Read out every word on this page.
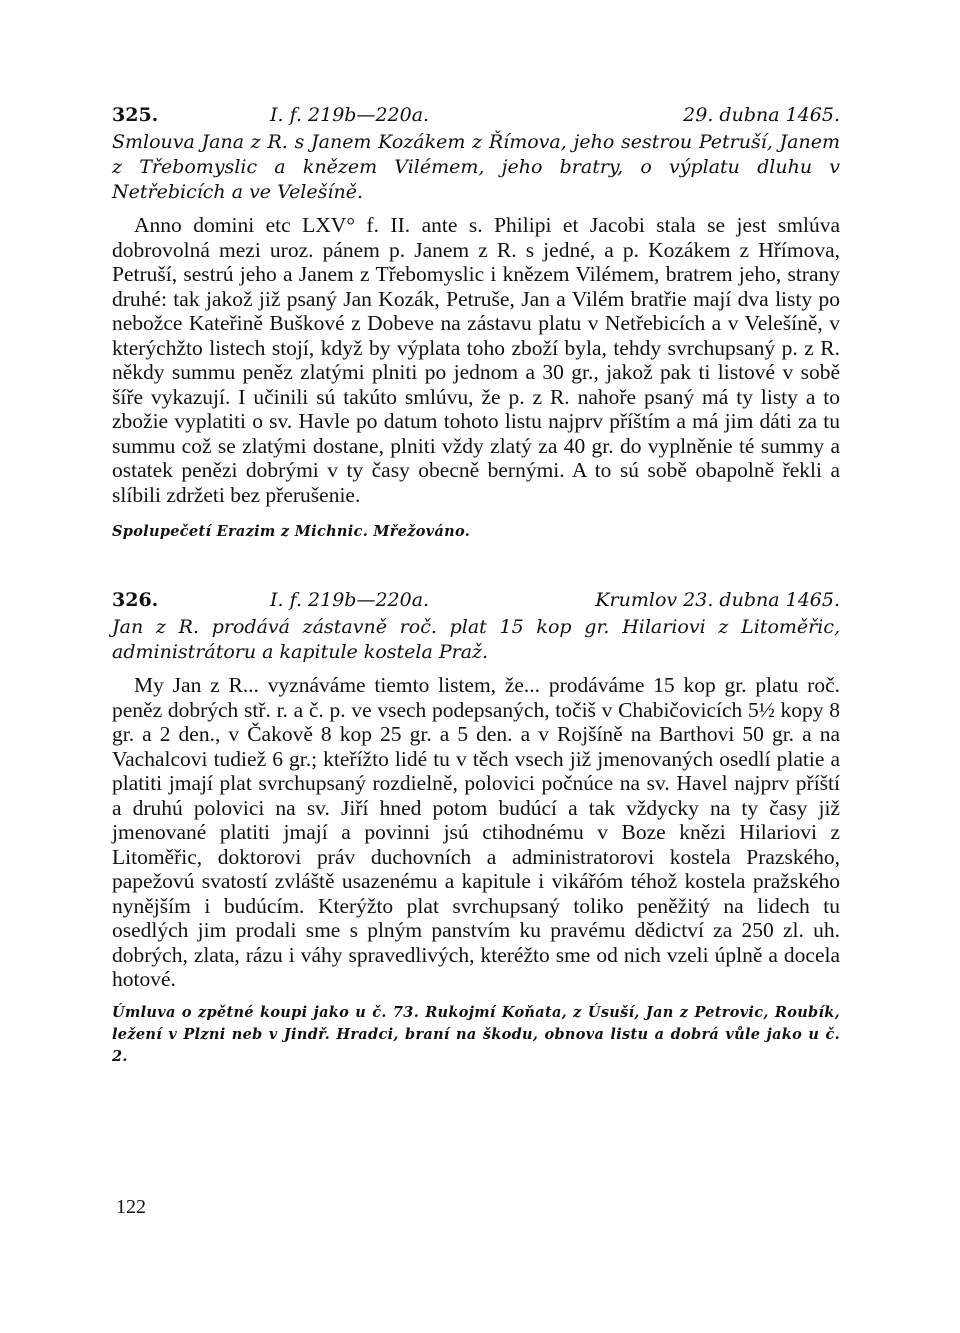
325.	I. f. 219b—220a.	29. dubna 1465.
Smlouva Jana z R. s Janem Kozákem z Římova, jeho sestrou Petruší, Janem z Třebomyslic a knězem Vilémem, jeho bratry, o výplatu dluhu v Netřebicích a ve Velešíně.
Anno domini etc LXV° f. II. ante s. Philipi et Jacobi stala se jest smlúva dobrovolná mezi uroz. pánem p. Janem z R. s jedné, a p. Kozákem z Hřímova, Petruší, sestrú jeho a Janem z Třebomyslic i knězem Vilémem, bratrem jeho, strany druhé: tak jakož již psaný Jan Kozák, Petruše, Jan a Vilém bratřie mají dva listy po nebožce Kateřině Buškové z Dobeve na zástavu platu v Netřebicích a v Velešíně, v kterýchžto listech stojí, když by výplata toho zboží byla, tehdy svrchupsaný p. z R. někdy summu peněz zlatými plniti po jednom a 30 gr., jakož pak ti listové v sobě šíře vykazují. I učinili sú takúto smlúvu, že p. z R. nahoře psaný má ty listy a to zbožie vyplatiti o sv. Havle po datum tohoto listu najprv příštím a má jim dáti za tu summu což se zlatými dostane, plniti vždy zlatý za 40 gr. do vyplněnie té summy a ostatek penězi dobrými v ty časy obecně bernými. A to sú sobě obapolně řekli a slíbili zdržeti bez přerušenie.
Spolupečetí Erazim z Michnic. Mřežováno.
326.	I. f. 219b—220a.	Krumlov 23. dubna 1465.
Jan z R. prodává zástavně roč. plat 15 kop gr. Hilariovi z Litoměřic, administrátoru a kapitule kostela Praž.
My Jan z R... vyznáváme tiemto listem, že... prodáváme 15 kop gr. platu roč. peněz dobrých stř. r. a č. p. ve vsech podepsaných, točiš v Chabičovicích 5½ kopy 8 gr. a 2 den., v Čakově 8 kop 25 gr. a 5 den. a v Rojšíně na Barthovi 50 gr. a na Vachalcovi tudiež 6 gr.; kteřížto lidé tu v těch vsech již jmenovaných osedlí platie a platiti jmají plat svrchupsaný rozdielně, polovici počnúce na sv. Havel najprv příští a druhú polovici na sv. Jiří hned potom budúcí a tak vždycky na ty časy již jmenované platiti jmají a povinni jsú ctihodnému v Boze knězi Hilariovi z Litoměřic, doktorovi práv duchovních a administratorovi kostela Prazského, papežovú svatostí zvláště usazenému a kapitule i vikářóm téhož kostela pražského nynějším i budúcím. Kterýžto plat svrchupsaný toliko peněžitý na lidech tu osedlých jim prodali sme s plným panstvím ku pravému dědictví za 250 zl. uh. dobrých, zlata, rázu i váhy spravedlivých, kteréžto sme od nich vzeli úplně a docela hotové.
Úmluva o zpětné koupi jako u č. 73. Rukojmí Koňata, z Úsuší, Jan z Petrovic, Roubík, ležení v Plzni neb v Jindř. Hradci, braní na škodu, obnova listu a dobrá vůle jako u č. 2.
122
